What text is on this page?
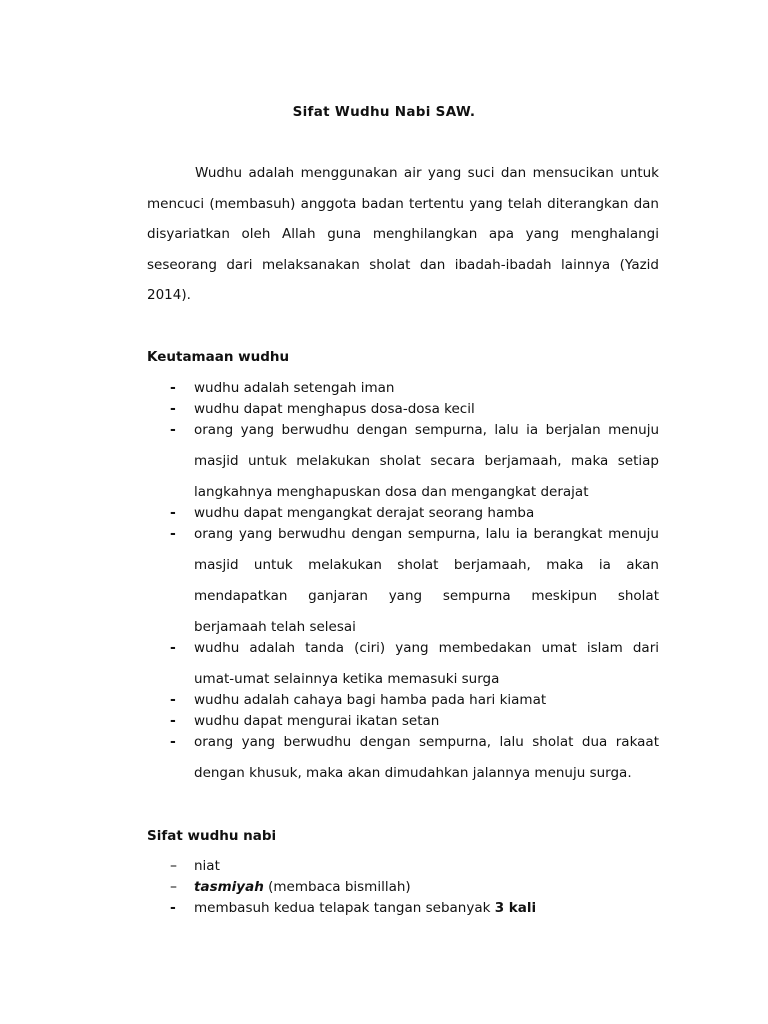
Sifat Wudhu Nabi SAW.

Wudhu adalah menggunakan air yang suci dan mensucikan untuk mencuci (membasuh) anggota badan tertentu yang telah diterangkan dan disyariatkan oleh Allah guna menghilangkan apa yang menghalangi seseorang dari melaksanakan sholat dan ibadah-ibadah lainnya (Yazid 2014).

Keutamaan wudhu
- wudhu adalah setengah iman
- wudhu dapat menghapus dosa-dosa kecil
- orang yang berwudhu dengan sempurna, lalu ia berjalan menuju
masjid untuk melakukan sholat secara berjamaah, maka setiap
langkahnya menghapuskan dosa dan mengangkat derajat
- wudhu dapat mengangkat derajat seorang hamba
- orang yang berwudhu dengan sempurna, lalu ia berangkat menuju
masjid untuk melakukan sholat berjamaah, maka ia akan
mendapatkan ganjaran yang sempurna meskipun sholat
berjamaah telah selesai
- wudhu adalah tanda (ciri) yang membedakan umat islam dari
umat-umat selainnya ketika memasuki surga
- wudhu adalah cahaya bagi hamba pada hari kiamat
- wudhu dapat mengurai ikatan setan
- orang yang berwudhu dengan sempurna, lalu sholat dua rakaat
dengan khusuk, maka akan dimudahkan jalannya menuju surga.
Sifat wudhu nabi
– niat
– tasmiyah (membaca bismillah)
- membasuh kedua telapak tangan sebanyak 3 kali
